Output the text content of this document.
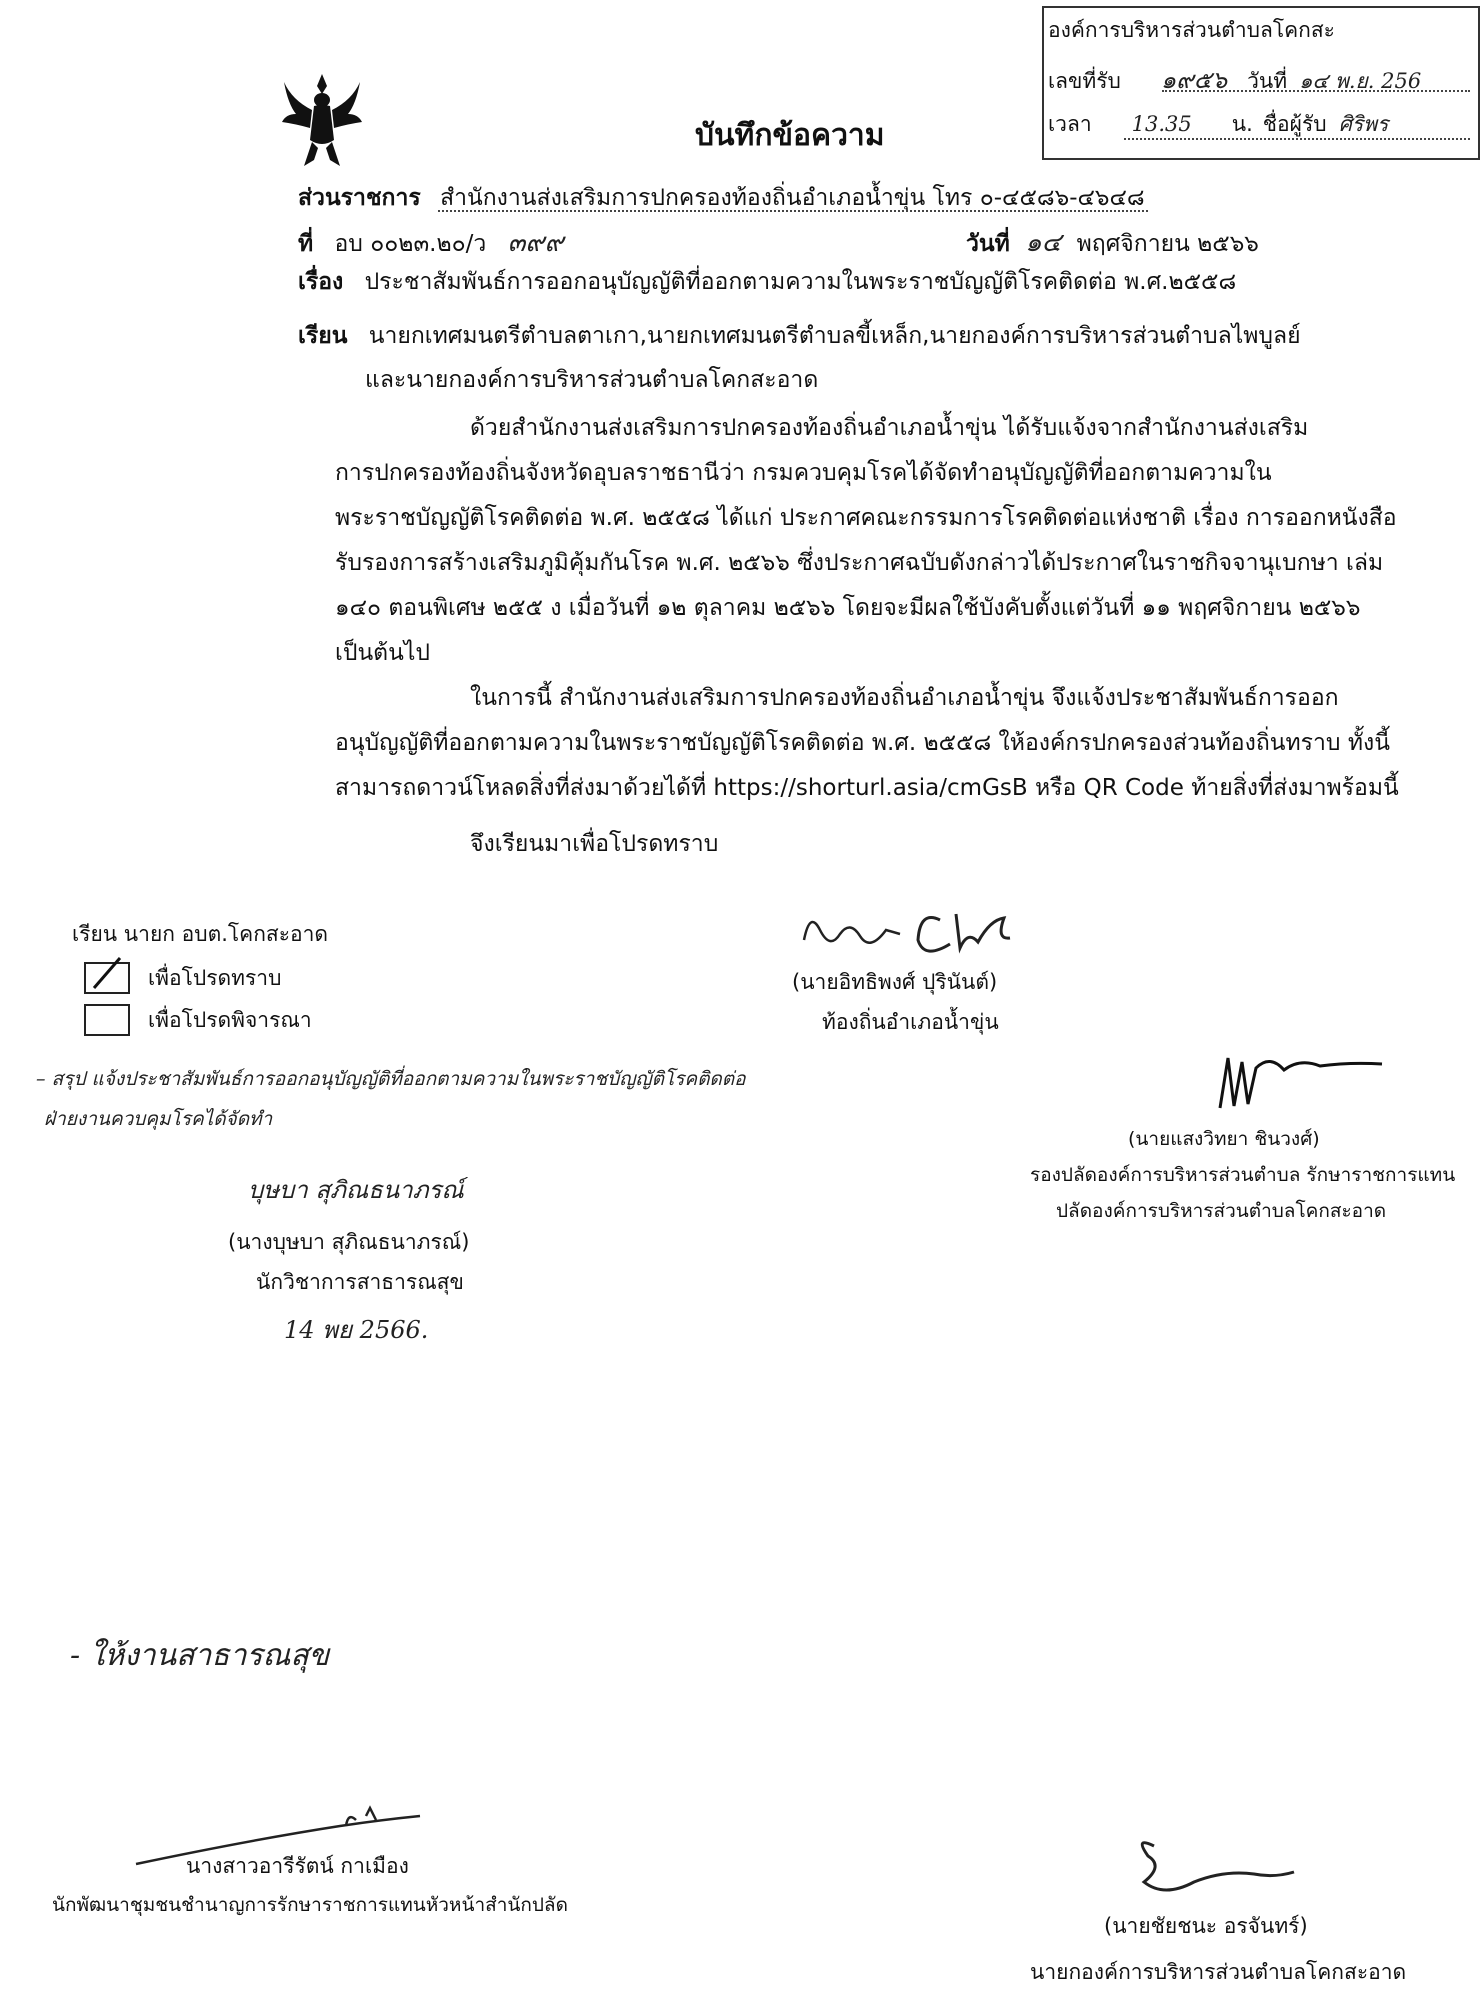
องค์การบริหารส่วนตำบลโคกสะ
เลขที่รับ ๑๙๕๖ วันที่ ๑๔ พ.ย. 256
เวลา 13.35 น. ชื่อผู้รับ ศิริพร
บันทึกข้อความ
ส่วนราชการ สำนักงานส่งเสริมการปกครองท้องถิ่นอำเภอน้ำขุ่น โทร ๐-๔๕๘๖-๔๖๔๘
ที่ อบ ๐๐๒๓.๒๐/ว ๓๙๙	วันที่ ๑๔ พฤศจิกายน ๒๕๖๖
เรื่อง ประชาสัมพันธ์การออกอนุบัญญัติที่ออกตามความในพระราชบัญญัติโรคติดต่อ พ.ศ.๒๕๕๘
เรียน นายกเทศมนตรีตำบลตาเกา,นายกเทศมนตรีตำบลขี้เหล็ก,นายกองค์การบริหารส่วนตำบลไพบูลย์
และนายกองค์การบริหารส่วนตำบลโคกสะอาด
ด้วยสำนักงานส่งเสริมการปกครองท้องถิ่นอำเภอน้ำขุ่น ได้รับแจ้งจากสำนักงานส่งเสริม
การปกครองท้องถิ่นจังหวัดอุบลราชธานีว่า กรมควบคุมโรคได้จัดทำอนุบัญญัติที่ออกตามความใน
พระราชบัญญัติโรคติดต่อ พ.ศ. ๒๕๕๘ ได้แก่ ประกาศคณะกรรมการโรคติดต่อแห่งชาติ เรื่อง การออกหนังสือ
รับรองการสร้างเสริมภูมิคุ้มกันโรค พ.ศ. ๒๕๖๖ ซึ่งประกาศฉบับดังกล่าวได้ประกาศในราชกิจจานุเบกษา เล่ม
๑๔๐ ตอนพิเศษ ๒๕๕ ง เมื่อวันที่ ๑๒ ตุลาคม ๒๕๖๖ โดยจะมีผลใช้บังคับตั้งแต่วันที่ ๑๑ พฤศจิกายน ๒๕๖๖
เป็นต้นไป
ในการนี้ สำนักงานส่งเสริมการปกครองท้องถิ่นอำเภอน้ำขุ่น จึงแจ้งประชาสัมพันธ์การออก
อนุบัญญัติที่ออกตามความในพระราชบัญญัติโรคติดต่อ พ.ศ. ๒๕๕๘ ให้องค์กรปกครองส่วนท้องถิ่นทราบ ทั้งนี้
สามารถดาวน์โหลดสิ่งที่ส่งมาด้วยได้ที่ https://shorturl.asia/cmGsB หรือ QR Code ท้ายสิ่งที่ส่งมาพร้อมนี้
จึงเรียนมาเพื่อโปรดทราบ
(นายอิทธิพงศ์ ปุรินันต์)
ท้องถิ่นอำเภอน้ำขุ่น
เรียน นายก อบต.โคกสะอาด
เพื่อโปรดทราบ
เพื่อโปรดพิจารณา
– สรุป แจ้งประชาสัมพันธ์การออกอนุบัญญัติที่ออกตามความในพระราชบัญญัติโรคติดต่อ
ฝ่ายงานควบคุมโรคได้จัดทำ
บุษบา สุภิณธนาภรณ์
(นางบุษบา สุภิณธนาภรณ์)
นักวิชาการสาธารณสุข
14 พย 2566.
(นายแสงวิทยา ชินวงศ์)
รองปลัดองค์การบริหารส่วนตำบล รักษาราชการแทน
ปลัดองค์การบริหารส่วนตำบลโคกสะอาด
- ให้งานสาธารณสุข
นางสาวอารีรัตน์ กาเมือง
นักพัฒนาชุมชนชำนาญการรักษาราชการแทนหัวหน้าสำนักปลัด
(นายชัยชนะ อรจันทร์)
นายกองค์การบริหารส่วนตำบลโคกสะอาด
